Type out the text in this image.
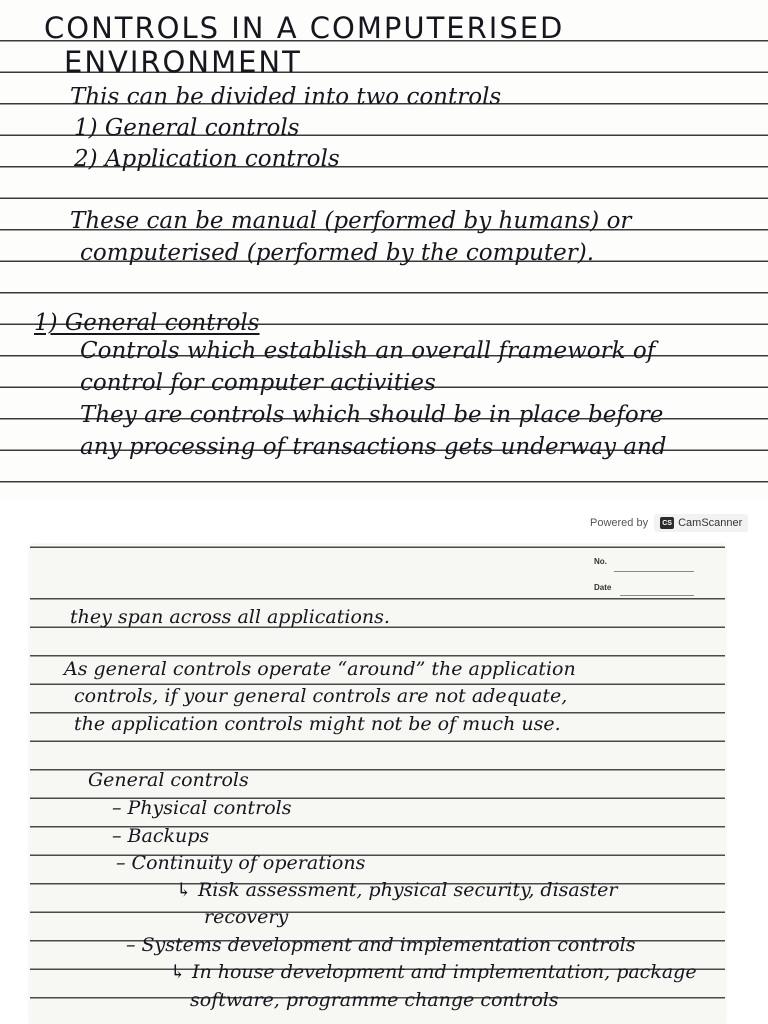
CONTROLS IN A COMPUTERISED
ENVIRONMENT
This can be divided into two controls
1) General controls
2) Application controls
These can be manual (performed by humans) or
computerised (performed by the computer).
1) General controls
Controls which establish an overall framework of
control for computer activities
They are controls which should be in place before
any processing of transactions gets underway and
Powered by	CS CamScanner
No.
Date
they span across all applications.
As general controls operate “around” the application
controls, if your general controls are not adequate,
the application controls might not be of much use.
General controls
– Physical controls
– Backups
– Continuity of operations
↳ Risk assessment, physical security, disaster
recovery
– Systems development and implementation controls
↳ In house development and implementation, package
software, programme change controls
